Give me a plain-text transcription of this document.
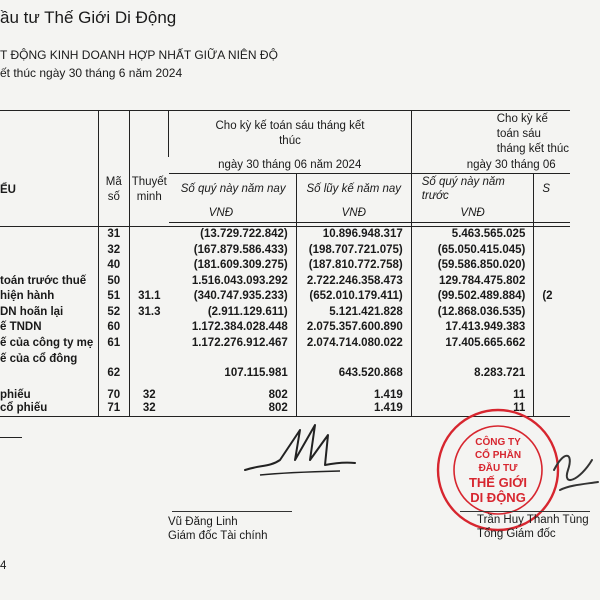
ầu tư Thế Giới Di Động
T ĐỘNG KINH DOANH HỢP NHẤT GIỮA NIÊN ĐỘ
ết thúc ngày 30 tháng 6 năm 2024

			Cho kỳ kế toán sáu tháng kết thúc		Cho kỳ kế toán sáu tháng kết thúc	

ỂU	Mã số	Thuyết minh	ngày 30 tháng 06 năm 2024		ngày 30 tháng 06	

			Số quý này năm nay	Số lũy kế năm nay	Số quý này năm trước	S
			VNĐ	VNĐ	VNĐ	

	31		(13.729.722.842)	10.896.948.317	5.463.565.025	
	32		(167.879.586.433)	(198.707.721.075)	(65.050.415.045)	
	40		(181.609.309.275)	(187.810.772.758)	(59.586.850.020)	
toán trước thuế	50		1.516.043.093.292	2.722.246.358.473	129.784.475.802	
hiện hành	51	31.1	(340.747.935.233)	(652.010.179.411)	(99.502.489.884)	(2
DN hoãn lại	52	31.3	(2.911.129.611)	5.121.421.828	(12.868.036.535)	
ế TNDN	60		1.172.384.028.448	2.075.357.600.890	17.413.949.383	
ế của công ty mẹ	61		1.172.276.912.467	2.074.714.080.022	17.405.665.662	
ế của cổ đông	62		107.115.981	643.520.868	8.283.721	
phiếu	70	32	802	1.419	11	
cổ phiếu	71	32	802	1.419	11	
CÔNG TY
CỔ PHẦN
ĐẦU TƯ
THẾ GIỚI
DI ĐỘNG
Vũ Đăng Linh
Giám đốc Tài chính
Trần Huy Thanh Tùng
Tổng Giám đốc
4
